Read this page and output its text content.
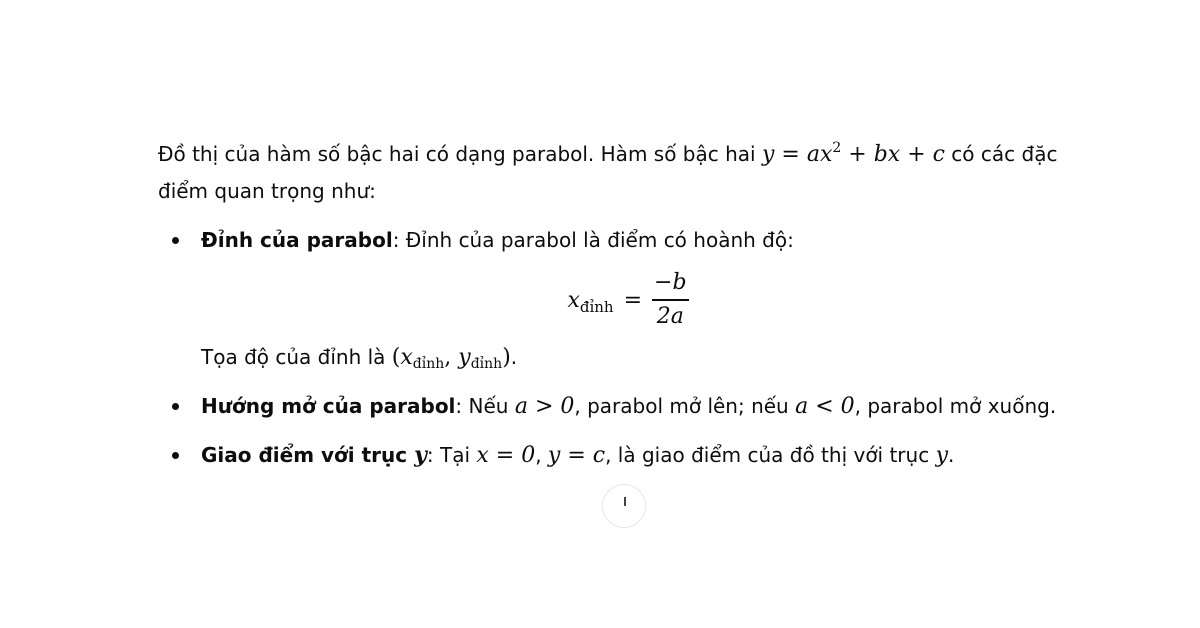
Đồ thị của hàm số bậc hai có dạng parabol. Hàm số bậc hai $y = ax^2$ + bx + c có các đặc điểm quan trọng như:

Đỉnh của parabol: Đỉnh của parabol là điểm có hoành độ:
$x_{đỉnh} = \frac{-b}{2a}$
Tọa độ của đỉnh là ($x_{đỉnh}$, $y_{đỉnh}$).
Hướng mở của parabol: Nếu a > 0, parabol mở lên; nếu a < 0, parabol mở xuống.
Giao điểm với trục y: Tại x = 0, y = c, là giao điểm của đồ thị với trục y.
